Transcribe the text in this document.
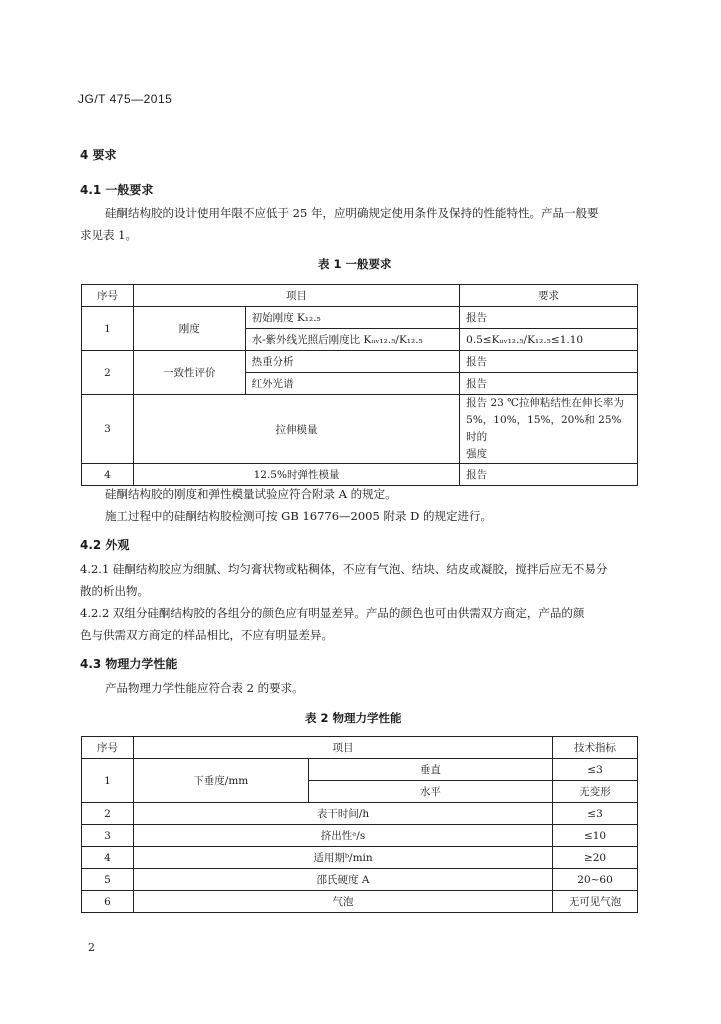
JG/T 475—2015
4 要求
4.1 一般要求
硅酮结构胶的设计使用年限不应低于 25 年，应明确规定使用条件及保持的性能特性。产品一般要
求见表 1。
表 1 一般要求
序号	项目		要求
1	刚度	初始刚度 K₁₂.₅	报告
		水-紫外线光照后刚度比 Kᵤᵥ₁₂.₅/K₁₂.₅	0.5≤Kᵤᵥ₁₂.₅/K₁₂.₅≤1.10
2	一致性评价	热重分析	报告
		红外光谱	报告
3	拉伸模量		报告 23 ℃拉伸粘结性在伸长率为
5%，10%，15%，20%和 25%时的
强度

4	12.5%时弹性模量		报告
硅酮结构胶的刚度和弹性模量试验应符合附录 A 的规定。
施工过程中的硅酮结构胶检测可按 GB 16776—2005 附录 D 的规定进行。
4.2 外观
4.2.1 硅酮结构胶应为细腻、均匀膏状物或粘稠体，不应有气泡、结块、结皮或凝胶，搅拌后应无不易分
散的析出物。
4.2.2 双组分硅酮结构胶的各组分的颜色应有明显差异。产品的颜色也可由供需双方商定，产品的颜
色与供需双方商定的样品相比，不应有明显差异。
4.3 物理力学性能
产品物理力学性能应符合表 2 的要求。
表 2 物理力学性能
序号	项目		技术指标
1	下垂度/mm	垂直	≤3
		水平	无变形
2	表干时间/h		≤3
3	挤出性ᵃ/s		≤10
4	适用期ᵇ/min		≥20
5	邵氏硬度 A		20~60
6	气泡		无可见气泡
2
